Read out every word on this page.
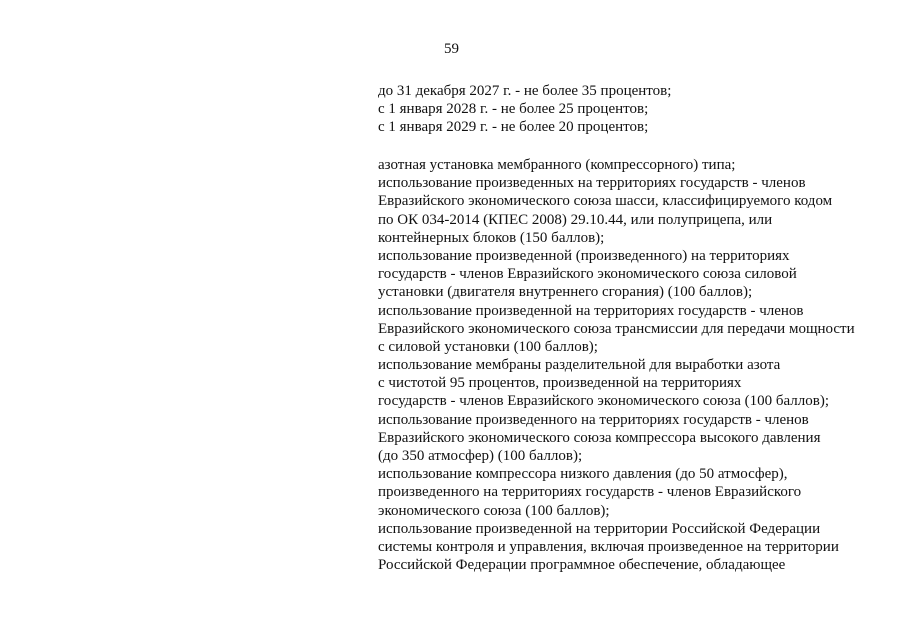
59
до 31 декабря 2027 г. - не более 35 процентов;
с 1 января 2028 г. - не более 25 процентов;
с 1 января 2029 г. - не более 20 процентов;
азотная установка мембранного (компрессорного) типа;
использование произведенных на территориях государств - членов
Евразийского экономического союза шасси, классифицируемого кодом
по ОК 034-2014 (КПЕС 2008) 29.10.44, или полуприцепа, или
контейнерных блоков (150 баллов);
использование произведенной (произведенного) на территориях
государств - членов Евразийского экономического союза силовой
установки (двигателя внутреннего сгорания) (100 баллов);
использование произведенной на территориях государств - членов
Евразийского экономического союза трансмиссии для передачи мощности
с силовой установки (100 баллов);
использование мембраны разделительной для выработки азота
с чистотой 95 процентов, произведенной на территориях
государств - членов Евразийского экономического союза (100 баллов);
использование произведенного на территориях государств - членов
Евразийского экономического союза компрессора высокого давления
(до 350 атмосфер) (100 баллов);
использование компрессора низкого давления (до 50 атмосфер),
произведенного на территориях государств - членов Евразийского
экономического союза (100 баллов);
использование произведенной на территории Российской Федерации
системы контроля и управления, включая произведенное на территории
Российской Федерации программное обеспечение, обладающее
